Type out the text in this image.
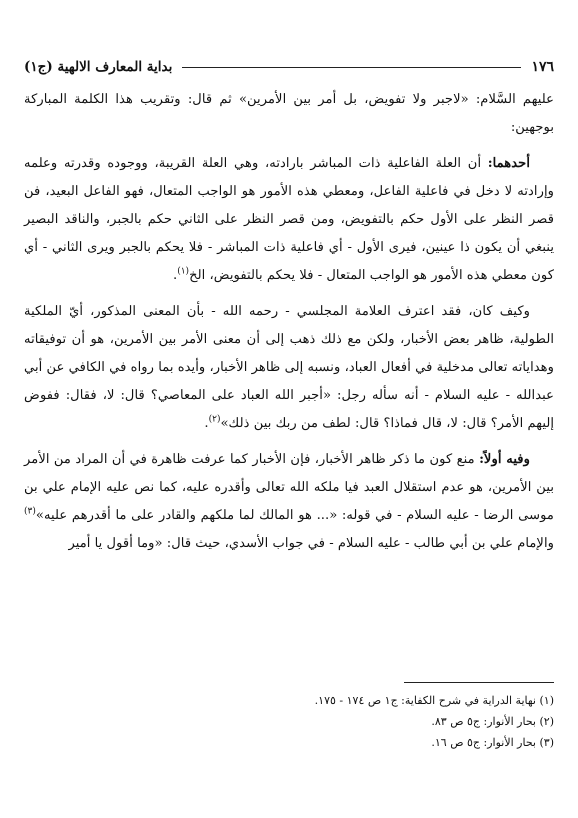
١٧٦
بداية المعارف الالهية (ج١)

عليهم السَّلام: «لاجبر ولا تفويض، بل أمر بين الأمرين» ثم قال: وتقريب هذا الكلمة المباركة بوجهين:

أحدهما: أن العلة الفاعلية ذات المباشر بارادته، وهي العلة القريبة، ووجوده وقدرته وعلمه وإرادته لا دخل في فاعلية الفاعل، ومعطي هذه الأمور هو الواجب المتعال، فهو الفاعل البعيد، فن قصر النظر على الأول حكم بالتفويض، ومن قصر النظر على الثاني حكم بالجبر، والناقد البصير ينبغي أن يكون ذا عينين، فيرى الأول - أي فاعلية ذات المباشر - فلا يحكم بالجبر ويرى الثاني - أي كون معطي هذه الأمور هو الواجب المتعال - فلا يحكم بالتفويض، الخ$^{(١)}$.

وكيف كان، فقد اعترف العلامة المجلسي - رحمه الله - بأن المعنى المذكور، أيّ الملكية الطولية، ظاهر بعض الأخبار، ولكن مع ذلك ذهب إلى أن معنى الأمر بين الأمرين، هو أن توفيقاته وهداياته تعالى مدخلية في أفعال العباد، ونسبه إلى ظاهر الأخبار، وأيده بما رواه في الكافي عن أبي عبدالله - عليه السلام - أنه سأله رجل: «أجبر الله العباد على المعاصي؟ قال: لا، فقال: ففوض إليهم الأمر؟ قال: لا، قال فماذا؟ قال: لطف من ربك بين ذلك»$^{(٢)}$.

وفيه أولاً: منع كون ما ذكر ظاهر الأخبار، فإن الأخبار كما عرفت ظاهرة في أن المراد من الأمر بين الأمرين، هو عدم استقلال العبد فيا ملكه الله تعالى وأقدره عليه، كما نص عليه الإمام علي بن موسى الرضا - عليه السلام - في قوله: «... هو المالك لما ملكهم والقادر على ما أقدرهم عليه»$^{(٣)}$ والإمام علي بن أبي طالب - عليه السلام - في جواب الأسدي، حيث قال: «وما أقول يا أمير

(١) نهاية الدراية في شرح الكفاية: ج١ ص ١٧٤ - ١٧٥.
(٢) بحار الأنوار: ج٥ ص ٨٣.
(٣) بحار الأنوار: ج٥ ص ١٦.
